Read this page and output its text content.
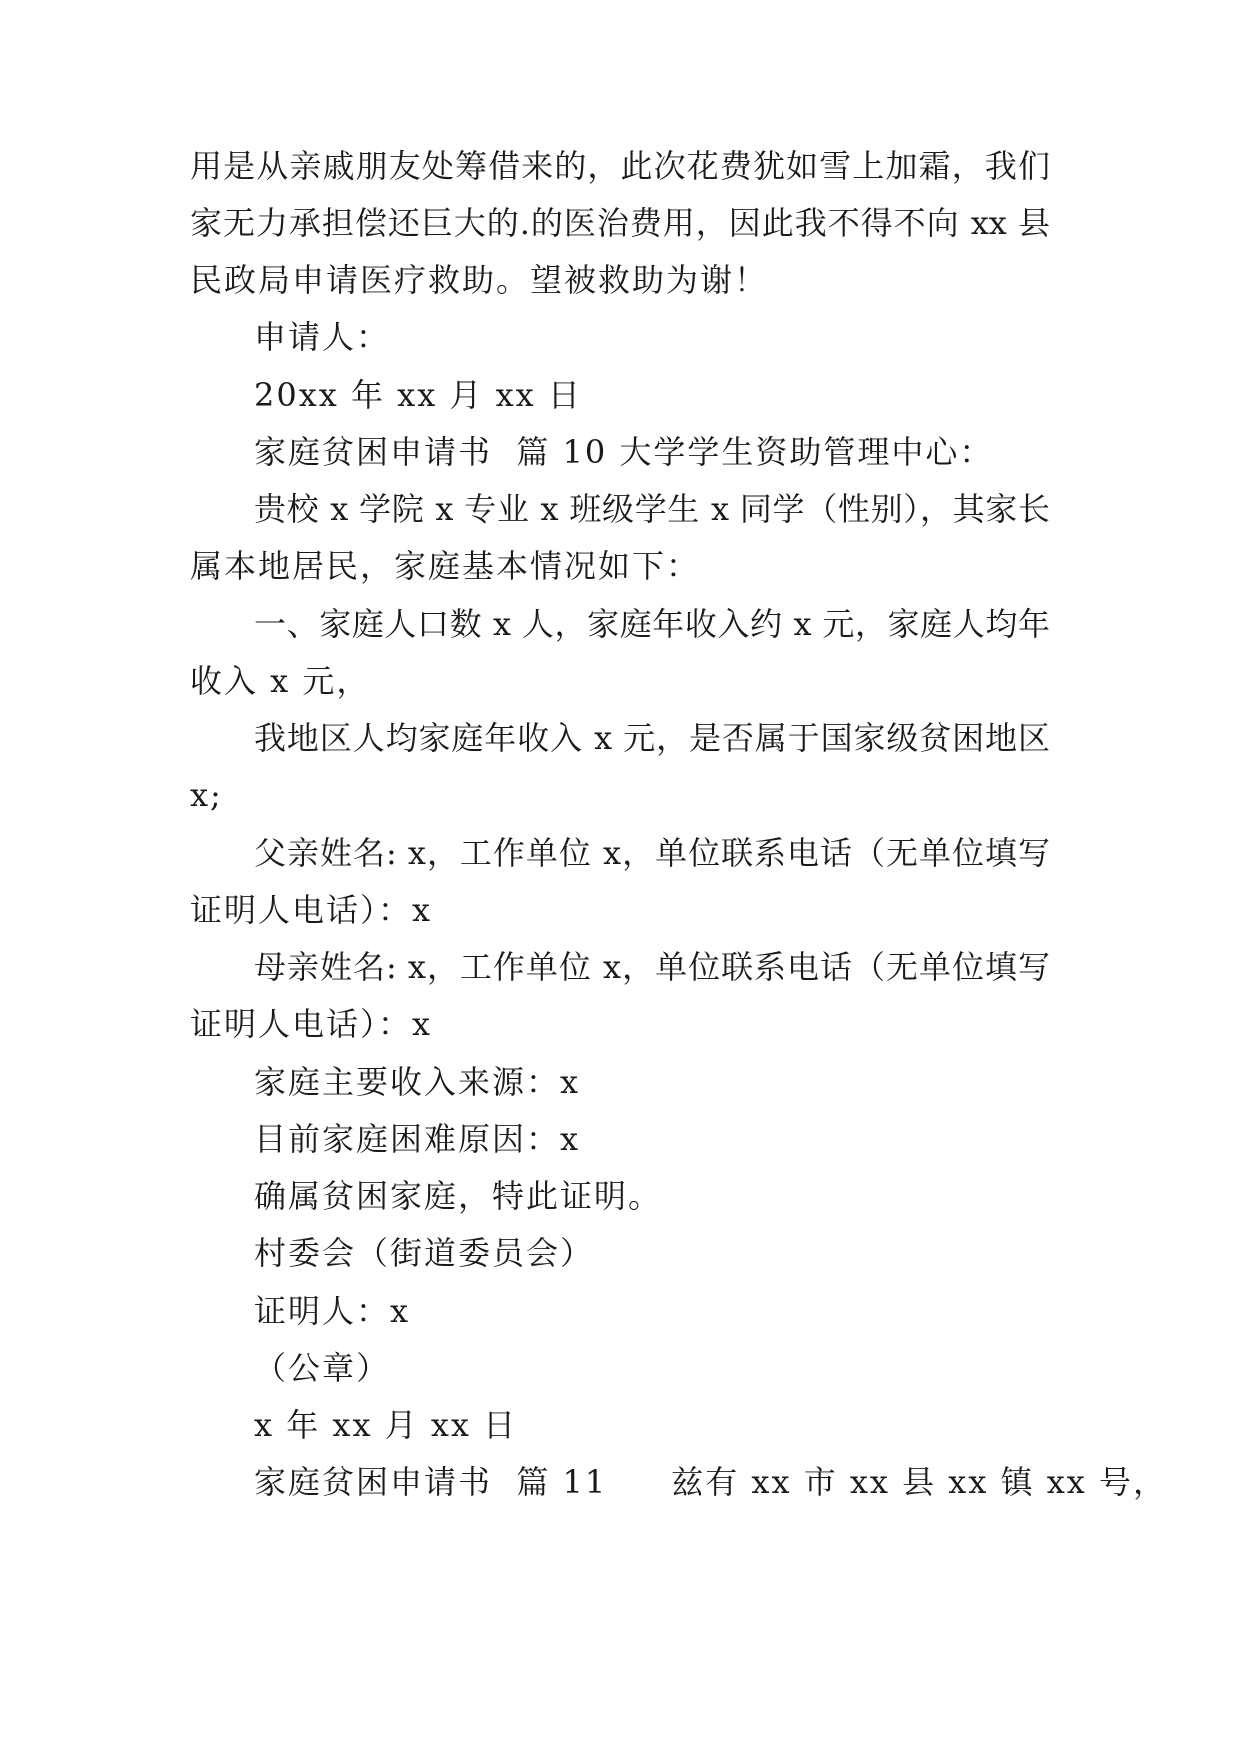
用是从亲戚朋友处筹借来的，此次花费犹如雪上加霜，我们

家无力承担偿还巨大的.的医治费用，因此我不得不向 xx 县

民政局申请医疗救助。望被救助为谢！

申请人：

20xx 年 xx 月 xx 日

家庭贫困申请书  篇 10 大学学生资助管理中心：

贵校 x 学院 x 专业 x 班级学生 x 同学（性别），其家长

属本地居民，家庭基本情况如下：

一、家庭人口数 x 人，家庭年收入约 x 元，家庭人均年

收入 x 元，

我地区人均家庭年收入 x 元，是否属于国家级贫困地区

x;

父亲姓名: x，工作单位 x，单位联系电话（无单位填写

证明人电话）：x

母亲姓名: x，工作单位 x，单位联系电话（无单位填写

证明人电话）：x

家庭主要收入来源：x

目前家庭困难原因：x

确属贫困家庭，特此证明。

村委会（街道委员会）

证明人：x

（公章）

x 年 xx 月 xx 日

家庭贫困申请书  篇 11 兹有 xx 市 xx 县 xx 镇 xx 号，
